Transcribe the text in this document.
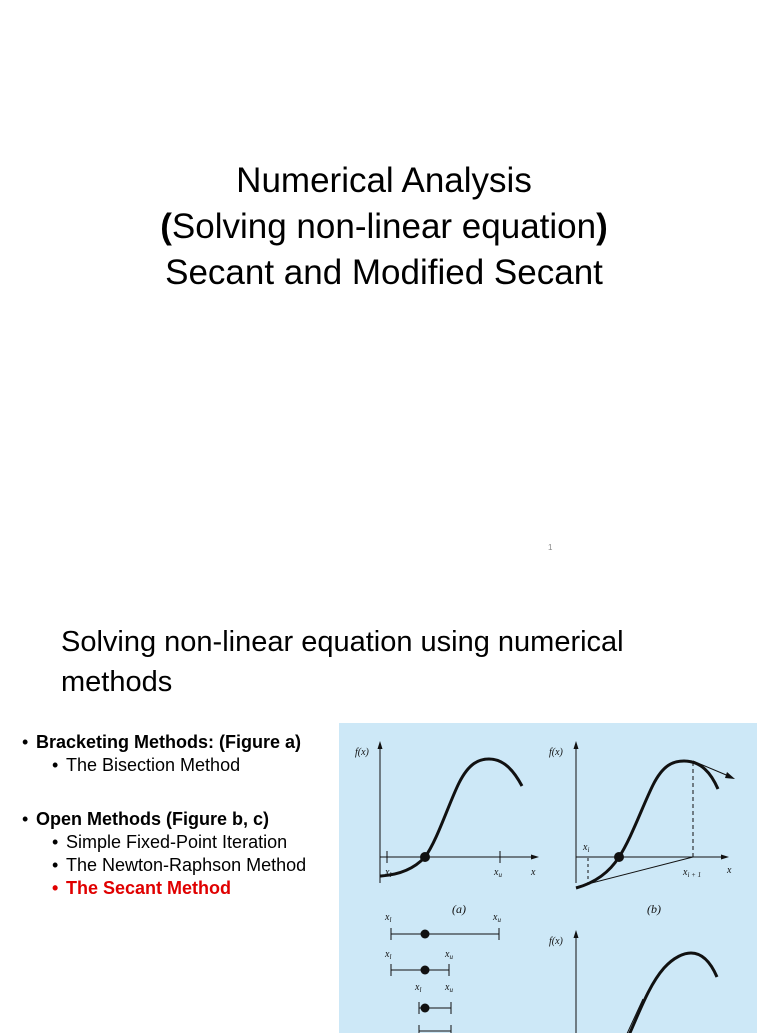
Numerical Analysis
(Solving non-linear equation)
Secant and Modified Secant
1
Solving non-linear equation using numerical methods
• Bracketing Methods: (Figure a)
• The Bisection Method
• Open Methods (Figure b, c)
• Simple Fixed-Point Iteration
• The Newton-Raphson Method
• The Secant Method
f(x)
$x_l$	$x_u$	x
(a)
$x_l$	$x_u$
$x_l$	$x_u$
$x_l$ $x_u$
f(x)
$x_i$
$x_{i + 1}$	x
(b)
f(x)
